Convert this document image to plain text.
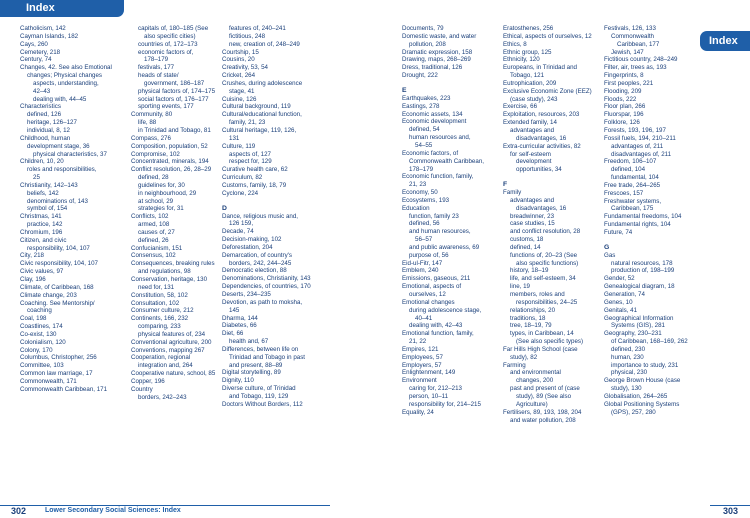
Index
Index
Catholicism, 142
Cayman Islands, 182
Cays, 260
Cemetery, 218
Century, 74
Changes, 42. See also Emotional
changes; Physical changes
aspects, understanding,
42–43
dealing with, 44–45
Characteristics
defined, 126
heritage, 126–127
individual, 8, 12
Childhood, human
development stage, 36
physical characteristics, 37
Children, 10, 20
roles and responsibilities,
25
Christianity, 142–143
beliefs, 142
denominations of, 143
symbol of, 154
Christmas, 141
practice, 142
Chromium, 196
Citizen, and civic
responsibility, 104, 107
City, 218
Civic responsibility, 104, 107
Civic values, 97
Clay, 196
Climate, of Caribbean, 168
Climate change, 203
Coaching. See Mentorship/
coaching
Coal, 198
Coastlines, 174
Co-exist, 130
Colonialism, 120
Colony, 170
Columbus, Christopher, 256
Committee, 103
Common law marriage, 17
Commonwealth, 171
Commonwealth Caribbean, 171
capitals of, 180–185 (See
also specific cities)
countries of, 172–173
economic factors of,
178–179
festivals, 177
heads of state/
government, 186–187
physical factors of, 174–175
social factors of, 176–177
sporting events, 177
Community, 80
life, 88
in Trinidad and Tobago, 81
Compass, 276
Composition, population, 52
Compromise, 102
Concentrated, minerals, 194
Conflict resolution, 26, 28–29
defined, 28
guidelines for, 30
in neighbourhood, 29
at school, 29
strategies for, 31
Conflicts, 102
armed, 108
causes of, 27
defined, 26
Confucianism, 151
Consensus, 102
Consequences, breaking rules
and regulations, 98
Conservation, heritage, 130
need for, 131
Constitution, 58, 102
Consultation, 102
Consumer culture, 212
Continents, 166, 232
comparing, 233
physical features of, 234
Conventional agriculture, 200
Conventions, mapping 267
Cooperation, regional
integration and, 264
Cooperative nature, school, 85
Copper, 196
Country
borders, 242–243
features of, 240–241
fictitious, 248
new, creation of, 248–249
Courtship, 15
Cousins, 20
Creativity, 53, 54
Cricket, 264
Crushes, during adolescence
stage, 41
Cuisine, 126
Cultural background, 119
Cultural/educational function,
family, 21, 23
Cultural heritage, 119, 126,
131
Culture, 119
aspects of, 127
respect for, 129
Curative health care, 62
Curriculum, 82
Customs, family, 18, 79
Cyclone, 224
D
Dance, religious music and,
126 159,
Decade, 74
Decision-making, 102
Deforestation, 204
Demarcation, of country's
borders, 242, 244–245
Democratic election, 88
Denominations, Christianity, 143
Dependencies, of countries, 170
Deserts, 234–235
Devotion, as path to moksha,
145
Dharma, 144
Diabetes, 66
Diet, 66
health and, 67
Differences, between life on
Trinidad and Tobago in past
and present, 88–89
Digital storytelling, 89
Dignity, 110
Diverse culture, of Trinidad
and Tobago, 119, 129
Doctors Without Borders, 112
Documents, 79
Domestic waste, and water
pollution, 208
Dramatic expression, 158
Drawing, maps, 268–269
Dress, traditional, 126
Drought, 222
E
Earthquakes, 223
Eastings, 278
Economic assets, 134
Economic development
defined, 54
human resources and,
54–55
Economic factors, of
Commonwealth Caribbean,
178–179
Economic function, family,
21, 23
Economy, 50
Ecosystems, 193
Education
function, family 23
defined, 56
and human resources,
56–57
and public awareness, 69
purpose of, 56
Eid-ul-Fitr, 147
Emblem, 240
Emissions, gaseous, 211
Emotional, aspects of
ourselves, 12
Emotional changes
during adolescence stage,
40–41
dealing with, 42–43
Emotional function, family,
21, 22
Empires, 121
Employees, 57
Employers, 57
Enlightenment, 149
Environment
caring for, 212–213
person, 10–11
responsibility for, 214–215
Equality, 24
Eratosthenes, 256
Ethical, aspects of ourselves, 12
Ethics, 8
Ethnic group, 125
Ethnicity, 120
Europeans, in Trinidad and
Tobago, 121
Eutrophication, 209
Exclusive Economic Zone (EEZ)
(case study), 243
Exercise, 66
Exploitation, resources, 203
Extended family, 14
advantages and
disadvantages, 16
Extra-curricular activities, 82
for self-esteem
development
opportunities, 34
F
Family
advantages and
disadvantages, 16
breadwinner, 23
case studies, 15
and conflict resolution, 28
customs, 18
defined, 14
functions of, 20–23 (See
also specific functions)
history, 18–19
life, and self-esteem, 34
line, 19
members, roles and
responsibilities, 24–25
relationships, 20
traditions, 18
tree, 18–19, 79
types, in Caribbean, 14
(See also specific types)
Far Hills High School (case
study), 82
Farming
and environmental
changes, 200
past and present of (case
study), 89 (See also
Agriculture)
Fertilisers, 89, 193, 198, 204
and water pollution, 208
Festivals, 126, 133
Commonwealth
Caribbean, 177
Jewish, 147
Fictitious country, 248–249
Filter, air, trees as, 193
Fingerprints, 8
First peoples, 221
Flooding, 209
Floods, 222
Floor plan, 266
Fluorspar, 196
Folklore, 126
Forests, 193, 196, 197
Fossil fuels, 194, 210–211
advantages of, 211
disadvantages of, 211
Freedom, 106–107
defined, 104
fundamental, 104
Free trade, 264–265
Frescoes, 157
Freshwater systems,
Caribbean, 175
Fundamental freedoms, 104
Fundamental rights, 104
Future, 74
G
Gas
natural resources, 178
production of, 198–199
Gender, 52
Genealogical diagram, 18
Generation, 74
Genes, 10
Genitals, 41
Geographical Information
Systems (GIS), 281
Geography, 230–231
of Caribbean, 168–169, 262
defined, 230
human, 230
importance to study, 231
physical, 230
George Brown House (case
study), 130
Globalisation, 264–265
Global Positioning Systems
(GPS), 257, 280
302	Lower Secondary Social Sciences: Index	303
